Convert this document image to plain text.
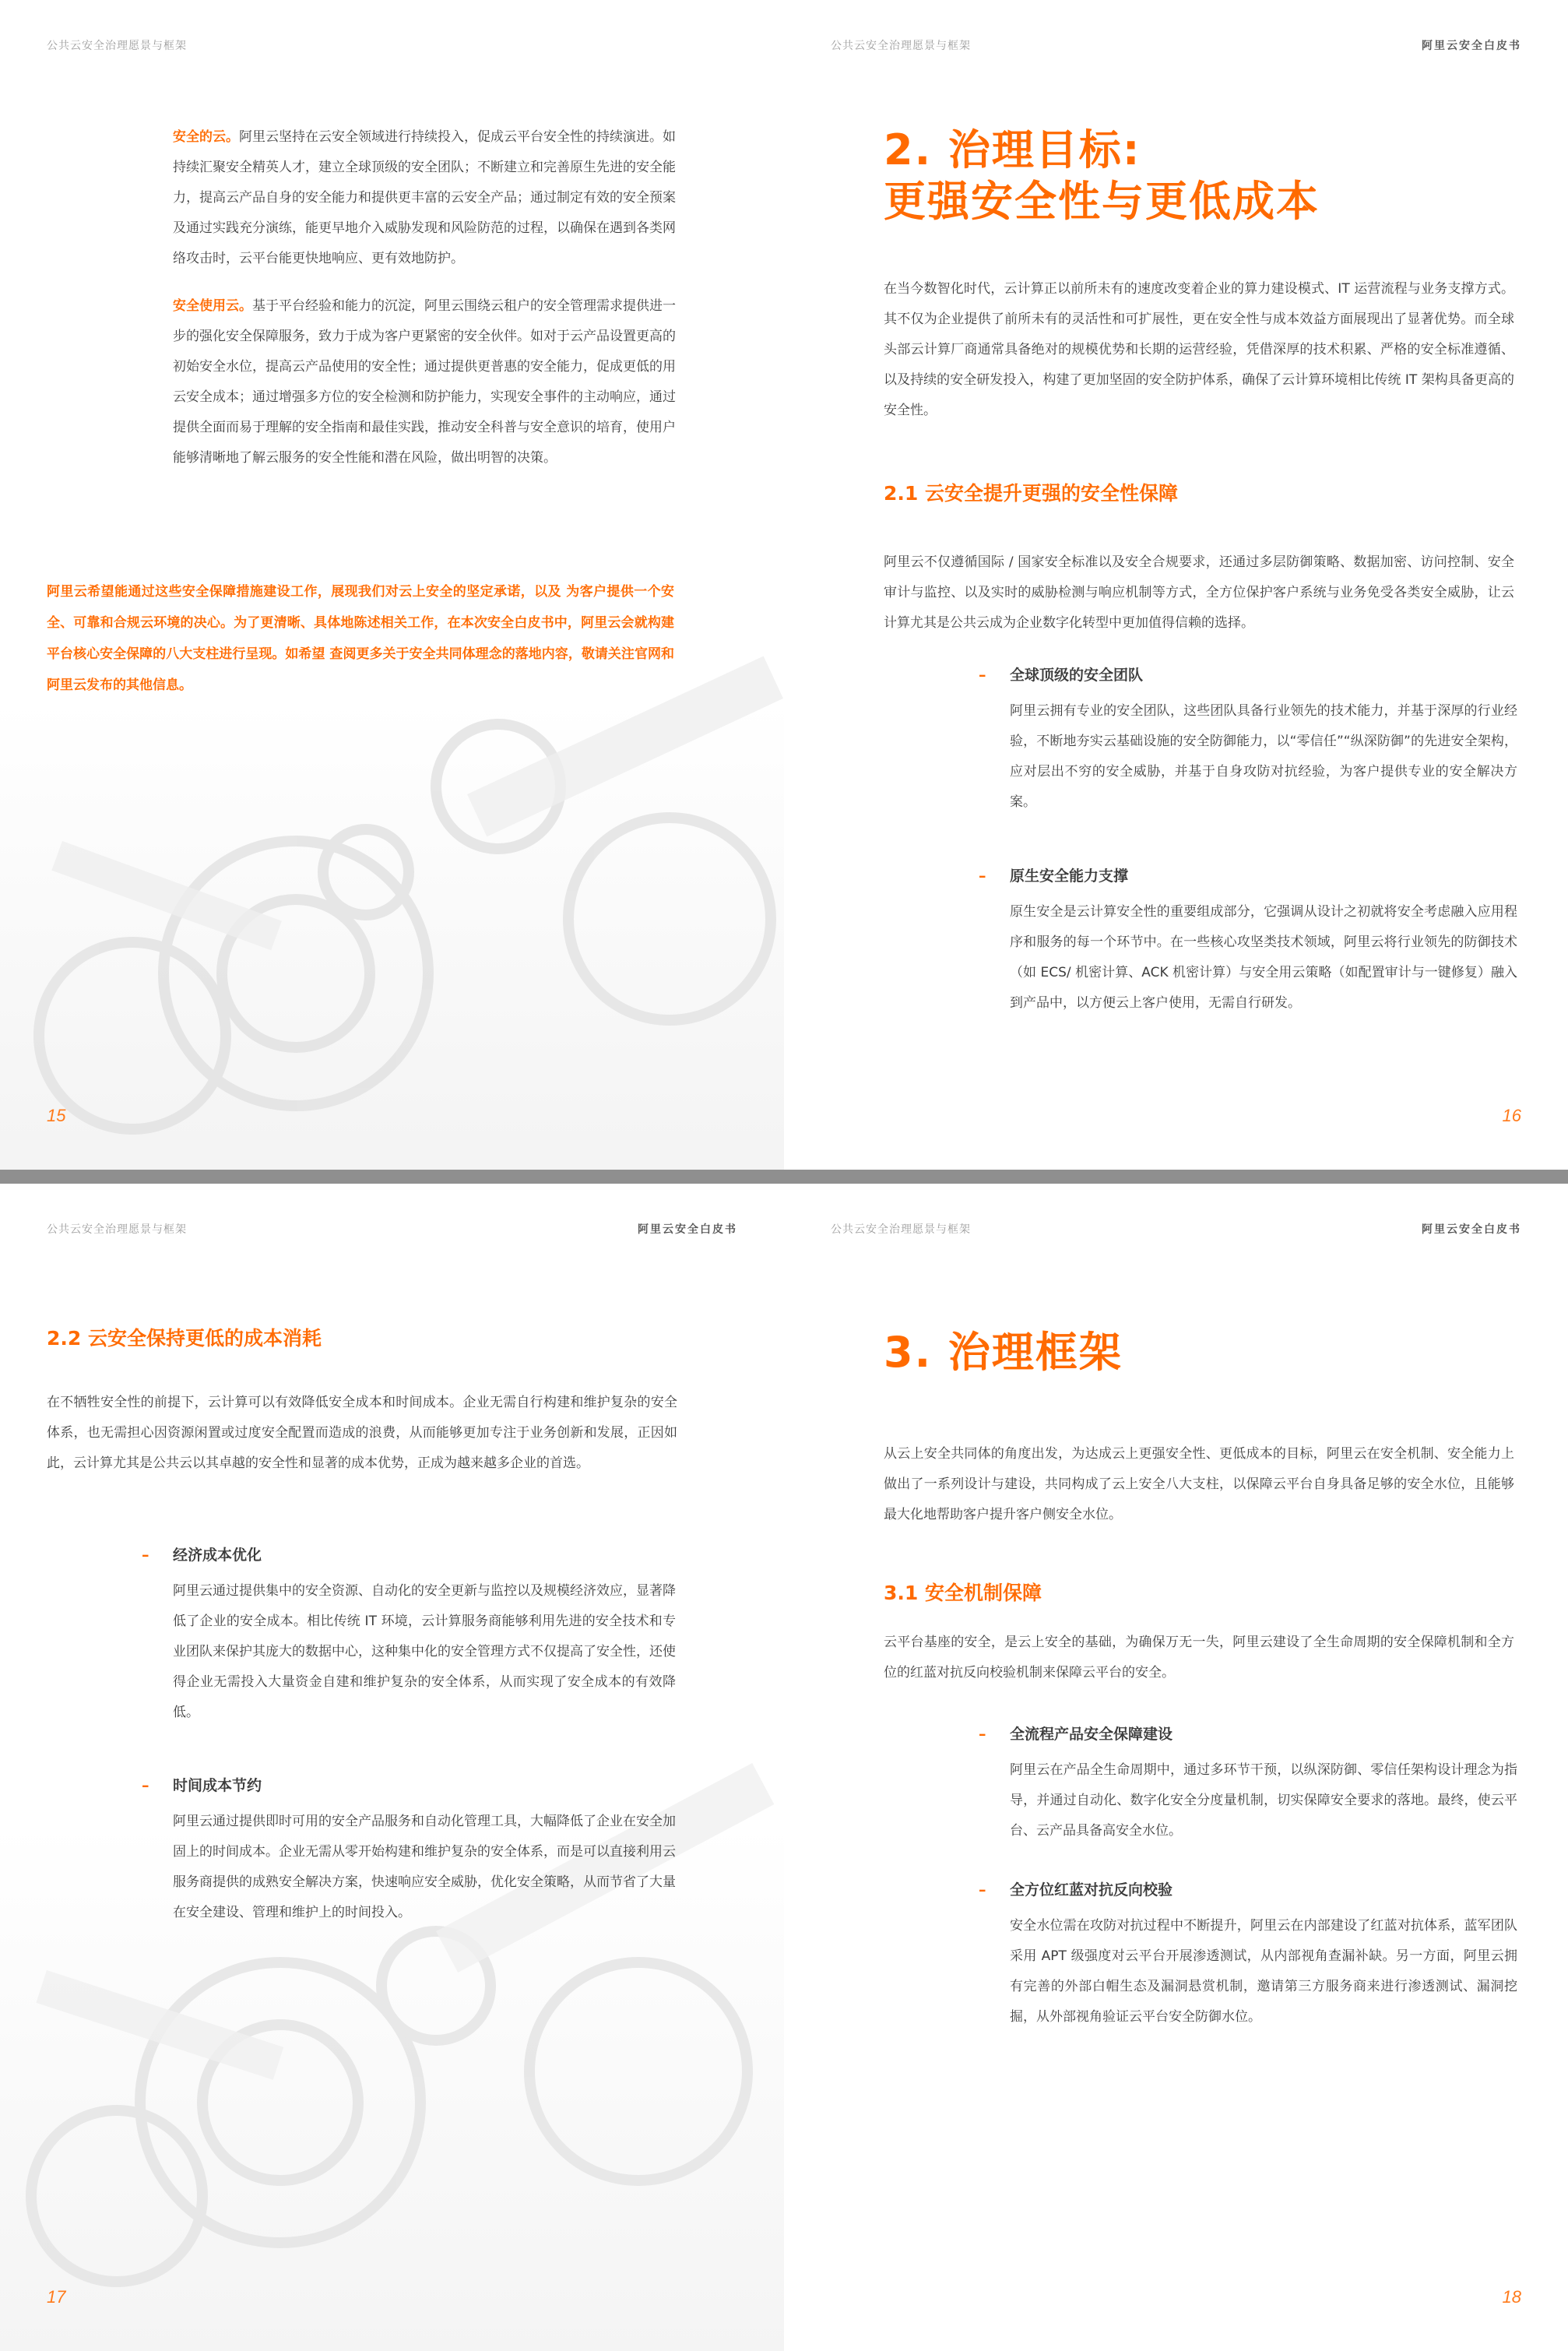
公共云安全治理愿景与框架

安全的云。阿里云坚持在云安全领域进行持续投入，促成云平台安全性的持续演进。如持续汇聚安全精英人才，建立全球顶级的安全团队；不断建立和完善原生先进的安全能力，提高云产品自身的安全能力和提供更丰富的云安全产品；通过制定有效的安全预案及通过实践充分演练，能更早地介入威胁发现和风险防范的过程，以确保在遇到各类网络攻击时，云平台能更快地响应、更有效地防护。

安全使用云。基于平台经验和能力的沉淀，阿里云围绕云租户的安全管理需求提供进一步的强化安全保障服务，致力于成为客户更紧密的安全伙伴。如对于云产品设置更高的初始安全水位，提高云产品使用的安全性；通过提供更普惠的安全能力，促成更低的用云安全成本；通过增强多方位的安全检测和防护能力，实现安全事件的主动响应，通过提供全面而易于理解的安全指南和最佳实践，推动安全科普与安全意识的培育，使用户能够清晰地了解云服务的安全性能和潜在风险，做出明智的决策。

阿里云希望能通过这些安全保障措施建设工作，展现我们对云上安全的坚定承诺，以及 为客户提供一个安全、可靠和合规云环境的决心。为了更清晰、具体地陈述相关工作，在本次安全白皮书中，阿里云会就构建平台核心安全保障的八大支柱进行呈现。如希望 查阅更多关于安全共同体理念的落地内容，敬请关注官网和阿里云发布的其他信息。

15
公共云安全治理愿景与框架	阿里云安全白皮书
2. 治理目标:
更强安全性与更低成本

在当今数智化时代，云计算正以前所未有的速度改变着企业的算力建设模式、IT 运营流程与业务支撑方式。其不仅为企业提供了前所未有的灵活性和可扩展性，更在安全性与成本效益方面展现出了显著优势。而全球头部云计算厂商通常具备绝对的规模优势和长期的运营经验，凭借深厚的技术积累、严格的安全标准遵循、以及持续的安全研发投入，构建了更加坚固的安全防护体系，确保了云计算环境相比传统 IT 架构具备更高的安全性。

2.1 云安全提升更强的安全性保障

阿里云不仅遵循国际 / 国家安全标准以及安全合规要求，还通过多层防御策略、数据加密、访问控制、安全审计与监控、以及实时的威胁检测与响应机制等方式，全方位保护客户系统与业务免受各类安全威胁，让云计算尤其是公共云成为企业数字化转型中更加值得信赖的选择。

– 全球顶级的安全团队

阿里云拥有专业的安全团队，这些团队具备行业领先的技术能力，并基于深厚的行业经验，不断地夯实云基础设施的安全防御能力，以“零信任”“纵深防御”的先进安全架构，应对层出不穷的安全威胁，并基于自身攻防对抗经验，为客户提供专业的安全解决方案。

– 原生安全能力支撑

原生安全是云计算安全性的重要组成部分，它强调从设计之初就将安全考虑融入应用程序和服务的每一个环节中。在一些核心攻坚类技术领域，阿里云将行业领先的防御技术（如 ECS/ 机密计算、ACK 机密计算）与安全用云策略（如配置审计与一键修复）融入到产品中，以方便云上客户使用，无需自行研发。

16
公共云安全治理愿景与框架	阿里云安全白皮书
2.2 云安全保持更低的成本消耗

在不牺牲安全性的前提下，云计算可以有效降低安全成本和时间成本。企业无需自行构建和维护复杂的安全体系，也无需担心因资源闲置或过度安全配置而造成的浪费，从而能够更加专注于业务创新和发展，正因如此，云计算尤其是公共云以其卓越的安全性和显著的成本优势，正成为越来越多企业的首选。

– 经济成本优化

阿里云通过提供集中的安全资源、自动化的安全更新与监控以及规模经济效应，显著降低了企业的安全成本。相比传统 IT 环境，云计算服务商能够利用先进的安全技术和专业团队来保护其庞大的数据中心，这种集中化的安全管理方式不仅提高了安全性，还使得企业无需投入大量资金自建和维护复杂的安全体系，从而实现了安全成本的有效降低。

– 时间成本节约

阿里云通过提供即时可用的安全产品服务和自动化管理工具，大幅降低了企业在安全加固上的时间成本。企业无需从零开始构建和维护复杂的安全体系，而是可以直接利用云服务商提供的成熟安全解决方案，快速响应安全威胁，优化安全策略，从而节省了大量在安全建设、管理和维护上的时间投入。

17
公共云安全治理愿景与框架	阿里云安全白皮书
3. 治理框架

从云上安全共同体的角度出发，为达成云上更强安全性、更低成本的目标，阿里云在安全机制、安全能力上做出了一系列设计与建设，共同构成了云上安全八大支柱，以保障云平台自身具备足够的安全水位，且能够最大化地帮助客户提升客户侧安全水位。

3.1 安全机制保障

云平台基座的安全，是云上安全的基础，为确保万无一失，阿里云建设了全生命周期的安全保障机制和全方位的红蓝对抗反向校验机制来保障云平台的安全。

– 全流程产品安全保障建设

阿里云在产品全生命周期中，通过多环节干预，以纵深防御、零信任架构设计理念为指导，并通过自动化、数字化安全分度量机制，切实保障安全要求的落地。最终，使云平台、云产品具备高安全水位。

– 全方位红蓝对抗反向校验

安全水位需在攻防对抗过程中不断提升，阿里云在内部建设了红蓝对抗体系，蓝军团队采用 APT 级强度对云平台开展渗透测试，从内部视角查漏补缺。另一方面，阿里云拥有完善的外部白帽生态及漏洞悬赏机制，邀请第三方服务商来进行渗透测试、漏洞挖掘，从外部视角验证云平台安全防御水位。

18
